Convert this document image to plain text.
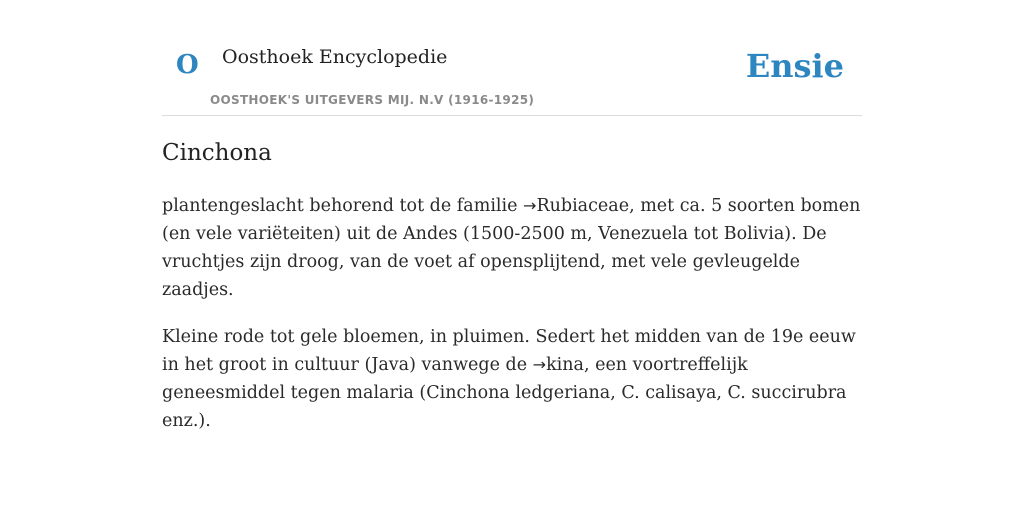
O Oosthoek Encyclopedie
OOSTHOEK'S UITGEVERS MIJ. N.V (1916-1925)
Ensie
Cinchona

plantengeslacht behorend tot de familie →Rubiaceae, met ca. 5 soorten bomen (en vele variëteiten) uit de Andes (1500-2500 m, Venezuela tot Bolivia). De vruchtjes zijn droog, van de voet af opensplijtend, met vele gevleugelde zaadjes.

Kleine rode tot gele bloemen, in pluimen. Sedert het midden van de 19e eeuw in het groot in cultuur (Java) vanwege de →kina, een voortreffelijk geneesmiddel tegen malaria (Cinchona ledgeriana, C. calisaya, C. succirubra enz.).
